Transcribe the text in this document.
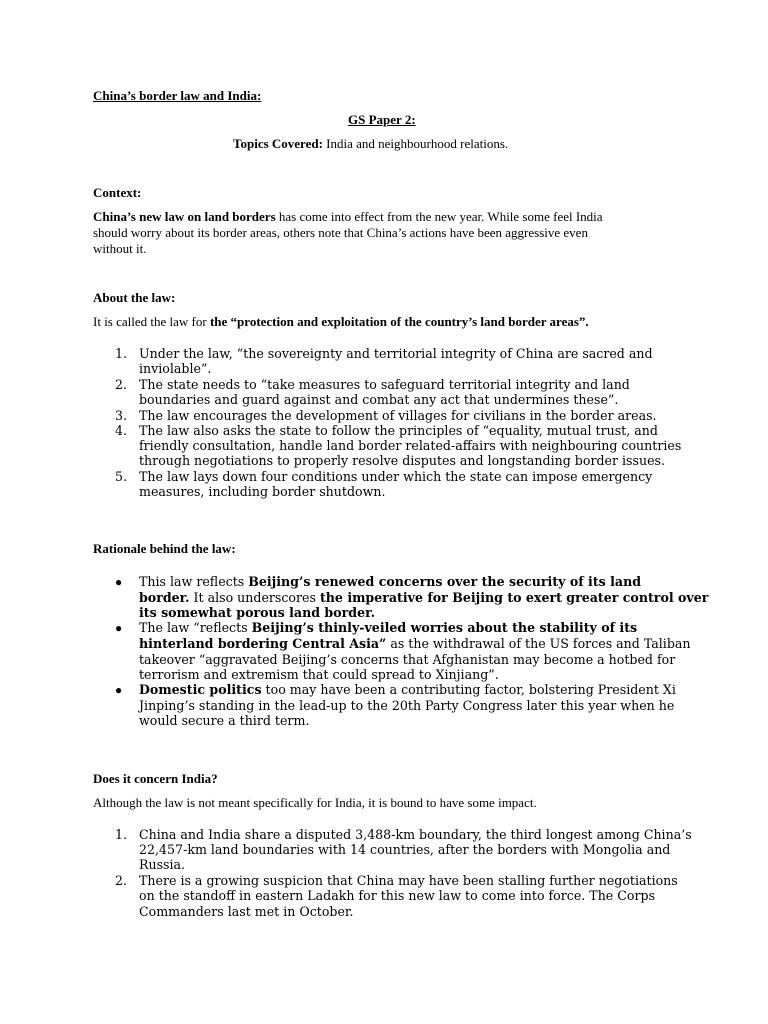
China’s border law and India:
GS Paper 2:
Topics Covered: India and neighbourhood relations.
Context:
China’s new law on land borders has come into effect from the new year. While some feel India
should worry about its border areas, others note that China’s actions have been aggressive even
without it.
About the law:
It is called the law for the “protection and exploitation of the country’s land border areas”.
1. Under the law, “the sovereignty and territorial integrity of China are sacred and
inviolable”.
2. The state needs to “take measures to safeguard territorial integrity and land
boundaries and guard against and combat any act that undermines these”.
3. The law encourages the development of villages for civilians in the border areas.
4. The law also asks the state to follow the principles of “equality, mutual trust, and
friendly consultation, handle land border related-affairs with neighbouring countries
through negotiations to properly resolve disputes and longstanding border issues.
5. The law lays down four conditions under which the state can impose emergency
measures, including border shutdown.
Rationale behind the law:
● This law reflects Beijing’s renewed concerns over the security of its land
border. It also underscores the imperative for Beijing to exert greater control over
its somewhat porous land border.
● The law “reflects Beijing’s thinly-veiled worries about the stability of its
hinterland bordering Central Asia” as the withdrawal of the US forces and Taliban
takeover “aggravated Beijing’s concerns that Afghanistan may become a hotbed for
terrorism and extremism that could spread to Xinjiang”.
● Domestic politics too may have been a contributing factor, bolstering President Xi
Jinping’s standing in the lead-up to the 20th Party Congress later this year when he
would secure a third term.
Does it concern India?
Although the law is not meant specifically for India, it is bound to have some impact.
1. China and India share a disputed 3,488-km boundary, the third longest among China’s
22,457-km land boundaries with 14 countries, after the borders with Mongolia and
Russia.
2. There is a growing suspicion that China may have been stalling further negotiations
on the standoff in eastern Ladakh for this new law to come into force. The Corps
Commanders last met in October.
